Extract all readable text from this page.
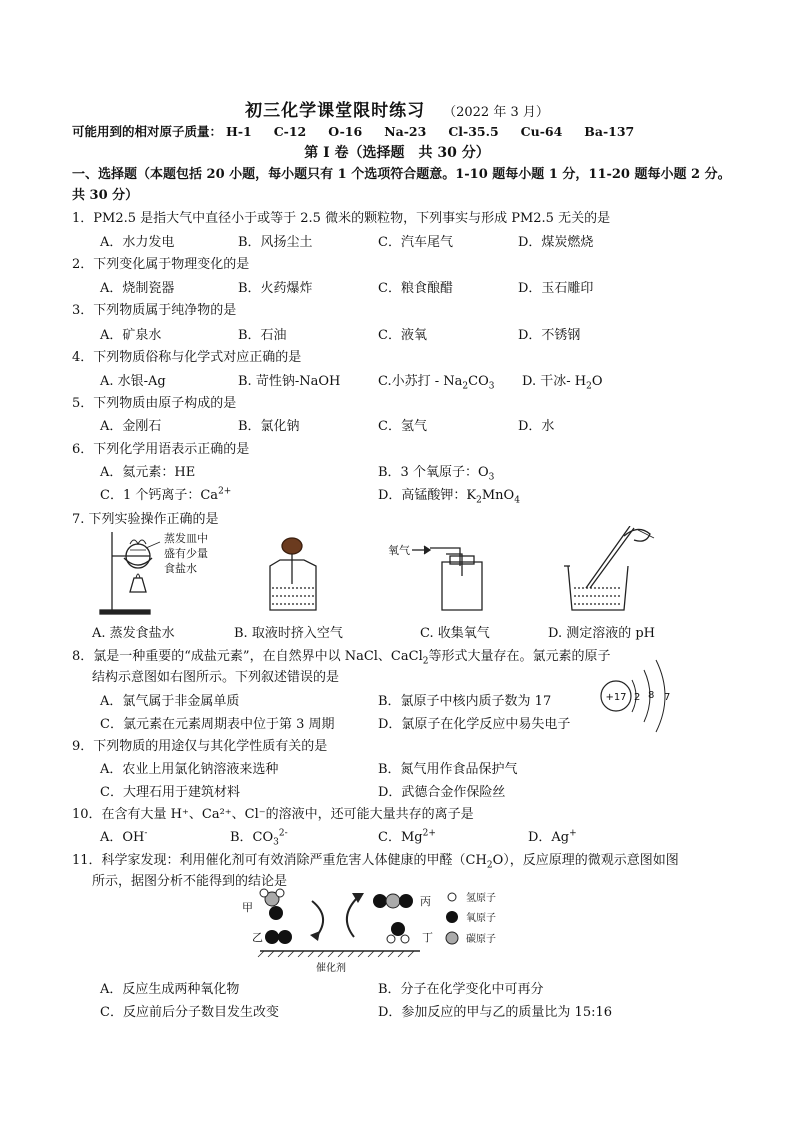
初三化学课堂限时练习 （2022 年 3 月）
可能用到的相对原子质量： H-1 C-12 O-16 Na-23 Cl-35.5 Cu-64 Ba-137
第 I 卷（选择题　共 30 分）
一、选择题（本题包括 20 小题，每小题只有 1 个选项符合题意。1-10 题每小题 1 分，11-20 题每小题 2 分。共 30 分）
1．PM2.5 是指大气中直径小于或等于 2.5 微米的颗粒物，下列事实与形成 PM2.5 无关的是
A．水力发电	B．风扬尘土	C．汽车尾气	D．煤炭燃烧
2．下列变化属于物理变化的是
A．烧制瓷器	B．火药爆炸	C．粮食酿醋	D．玉石雕印
3．下列物质属于纯净物的是
A．矿泉水	B．石油	C．液氧	D．不锈钢
4．下列物质俗称与化学式对应正确的是
A. 水银-Ag	B. 苛性钠-NaOH	C.小苏打 - $Na_2CO_3$ D. 干冰- $H_2O$
5．下列物质由原子构成的是
A．金刚石	B．氯化钠	C．氢气	D．水
6．下列化学用语表示正确的是
A．氦元素：HE	B．3 个氧原子：$O_3$
C．1 个钙离子：$Ca^{2+}$	D．高锰酸钾：$K_2MnO_4$
7. 下列实验操作正确的是
蒸发皿中
盛有少量
食盐水
氧气
A. 蒸发食盐水	B. 取液时挤入空气	C. 收集氧气	D. 测定溶液的 pH
8．氯是一种重要的“成盐元素”，在自然界中以 NaCl、CaCl$_2$等形式大量存在。氯元素的原子
结构示意图如右图所示。下列叙述错误的是
A．氯气属于非金属单质	B．氯原子中核内质子数为 17
C．氯元素在元素周期表中位于第 3 周期	D．氯原子在化学反应中易失电子
+17 2 8 7
9．下列物质的用途仅与其化学性质有关的是
A．农业上用氯化钠溶液来选种	B．氮气用作食品保护气
C．大理石用于建筑材料	D．武德合金作保险丝
10．在含有大量 H⁺、Ca²⁺、Cl⁻的溶液中，还可能大量共存的离子是
A．OH-	B．$CO_3^{2-}$	C．$Mg^{2+}$	D．Ag+
11．科学家发现：利用催化剂可有效消除严重危害人体健康的甲醛$(CH_2O)$，反应原理的微观示意图如图
所示，据图分析不能得到的结论是
甲
乙
丙
丁
催化剂
氢原子
氧原子
碳原子
A．反应生成两种氧化物	B．分子在化学变化中可再分
C．反应前后分子数目发生改变	D．参加反应的甲与乙的质量比为 15:16
